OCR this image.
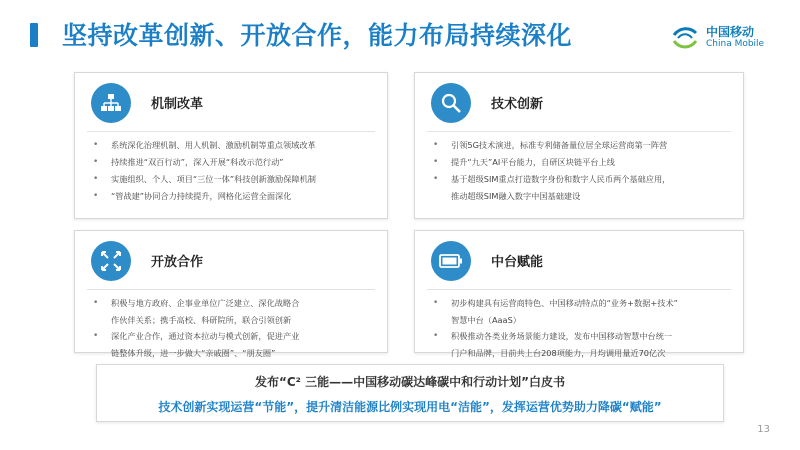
坚持改革创新、开放合作，能力布局持续深化	中国移动
China Mobile
机制改革
• 系统深化治理机制、用人机制、激励机制等重点领域改革
• 持续推进“双百行动”，深入开展“科改示范行动”
• 实施组织、个人、项目“三位一体”科技创新激励保障机制
• “管战建”协同合力持续提升，网格化运营全面深化
技术创新
• 引领5G技术演进，标准专利储备量位居全球运营商第一阵营
• 提升“九天”AI平台能力，自研区块链平台上线
• 基于超级SIM重点打造数字身份和数字人民币两个基础应用，
推动超级SIM融入数字中国基础建设
开放合作
• 积极与地方政府、企事业单位广泛建立、深化战略合
作伙伴关系；携手高校、科研院所，联合引领创新
• 深化产业合作，通过资本拉动与模式创新，促进产业
链整体升级，进一步做大“亲戚圈”、“朋友圈”
中台赋能
• 初步构建具有运营商特色、中国移动特点的“业务+数据+技术”
智慧中台（AaaS）
• 积极推动各类业务场景能力建设，发布中国移动智慧中台统一
门户和品牌，目前共上台208项能力，月均调用量近70亿次
发布“C² 三能——中国移动碳达峰碳中和行动计划”白皮书
技术创新实现运营“节能”，提升清洁能源比例实现用电“洁能”，发挥运营优势助力降碳“赋能”
13
